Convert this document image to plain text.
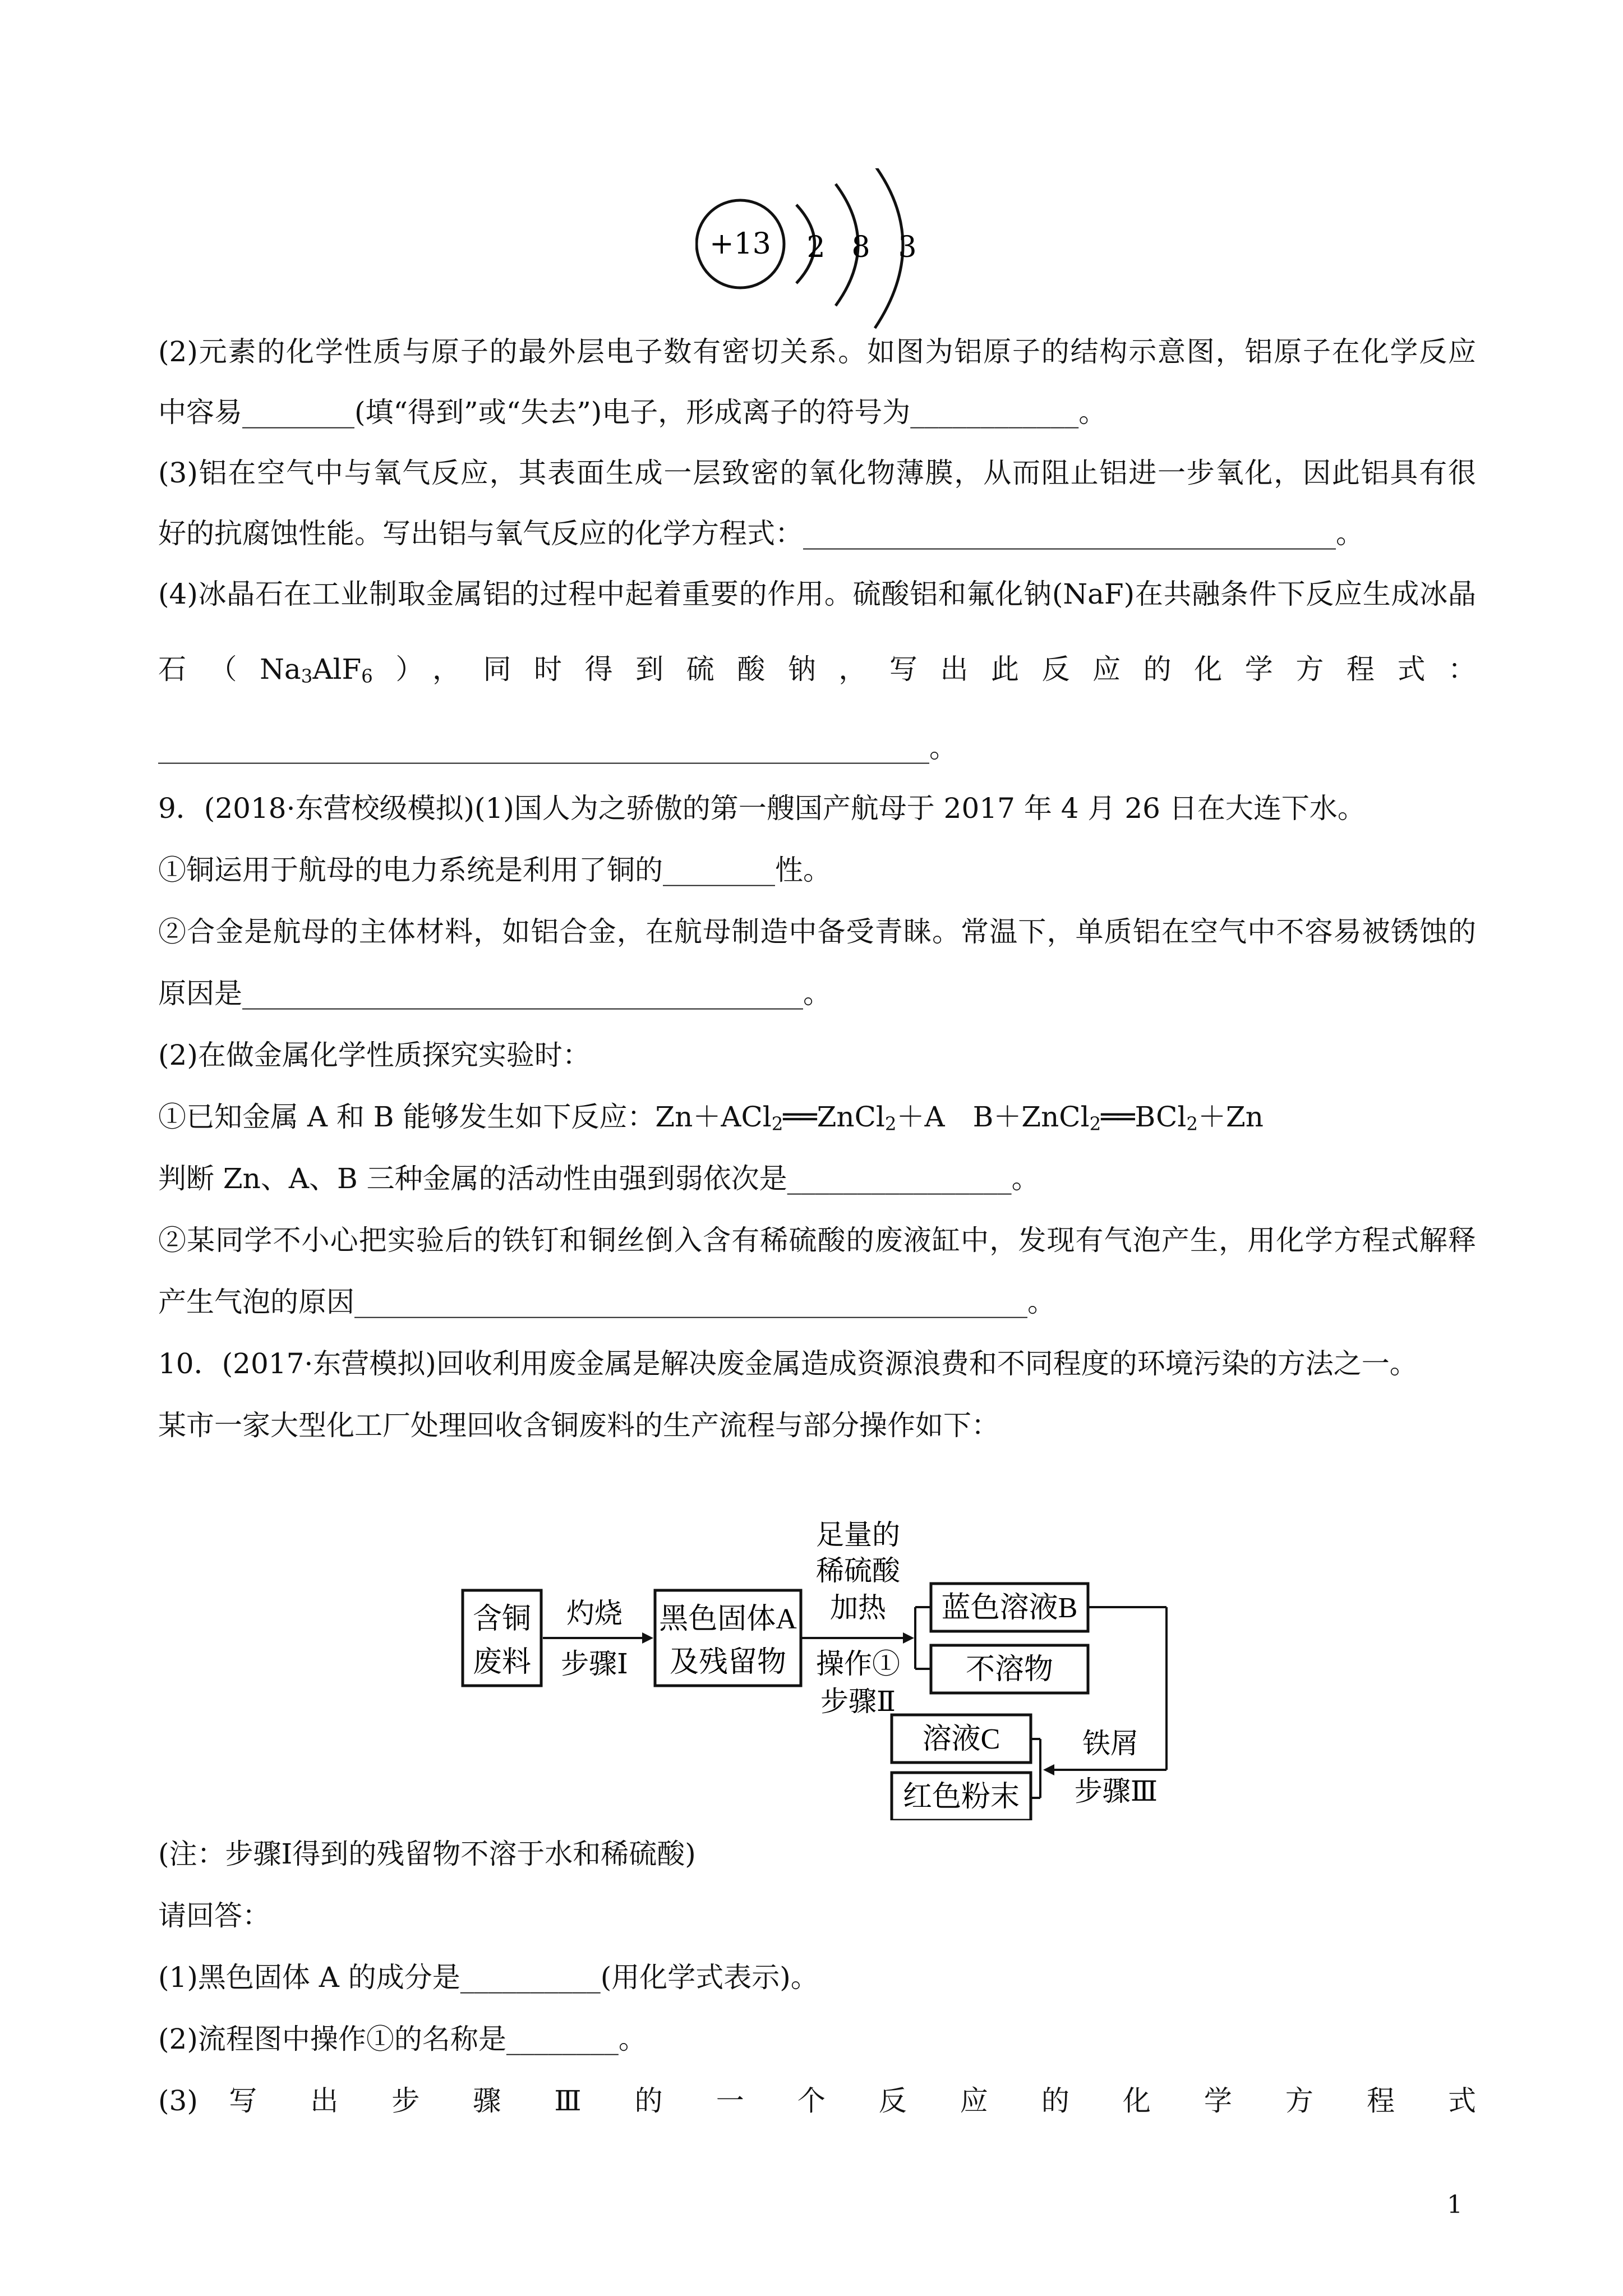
+13 2 8 3
(2)元素的化学性质与原子的最外层电子数有密切关系。如图为铝原子的结构示意图，铝原子在化学反应
中容易________(填“得到”或“失去”)电子，形成离子的符号为____________。
(3)铝在空气中与氧气反应，其表面生成一层致密的氧化物薄膜，从而阻止铝进一步氧化，因此铝具有很
好的抗腐蚀性能。写出铝与氧气反应的化学方程式：______________________________________。
(4)冰晶石在工业制取金属铝的过程中起着重要的作用。硫酸铝和氟化钠(NaF)在共融条件下反应生成冰晶
石$(Na_3AlF_6)$，同时得到硫酸钠，写出此反应的化学方程式：
_______________________________________________________。
9．(2018·东营校级模拟)(1)国人为之骄傲的第一艘国产航母于 2017 年 4 月 26 日在大连下水。
①铜运用于航母的电力系统是利用了铜的________性。
②合金是航母的主体材料，如铝合金，在航母制造中备受青睐。常温下，单质铝在空气中不容易被锈蚀的
原因是________________________________________。
(2)在做金属化学性质探究实验时：
①已知金属 A 和 B 能够发生如下反应：Zn＋ACl$_2$══ZnCl$_2$＋A　B＋ZnCl$_2$══BCl$_2$＋Zn
判断 Zn、A、B 三种金属的活动性由强到弱依次是________________。
②某同学不小心把实验后的铁钉和铜丝倒入含有稀硫酸的废液缸中，发现有气泡产生，用化学方程式解释
产生气泡的原因________________________________________________。
10．(2017·东营模拟)回收利用废金属是解决废金属造成资源浪费和不同程度的环境污染的方法之一。
某市一家大型化工厂处理回收含铜废料的生产流程与部分操作如下：
含铜
废料
灼烧
步骤Ⅰ
黑色固体A
及残留物
足量的
稀硫酸
加热
操作①
步骤Ⅱ
蓝色溶液B
不溶物
铁屑
步骤Ⅲ
溶液C
红色粉末
(注：步骤Ⅰ得到的残留物不溶于水和稀硫酸)
请回答：
(1)黑色固体 A 的成分是__________(用化学式表示)。
(2)流程图中操作①的名称是________。
(3) 写 出 步 骤 Ⅲ 的 一 个 反 应 的 化 学 方 程 式
1
